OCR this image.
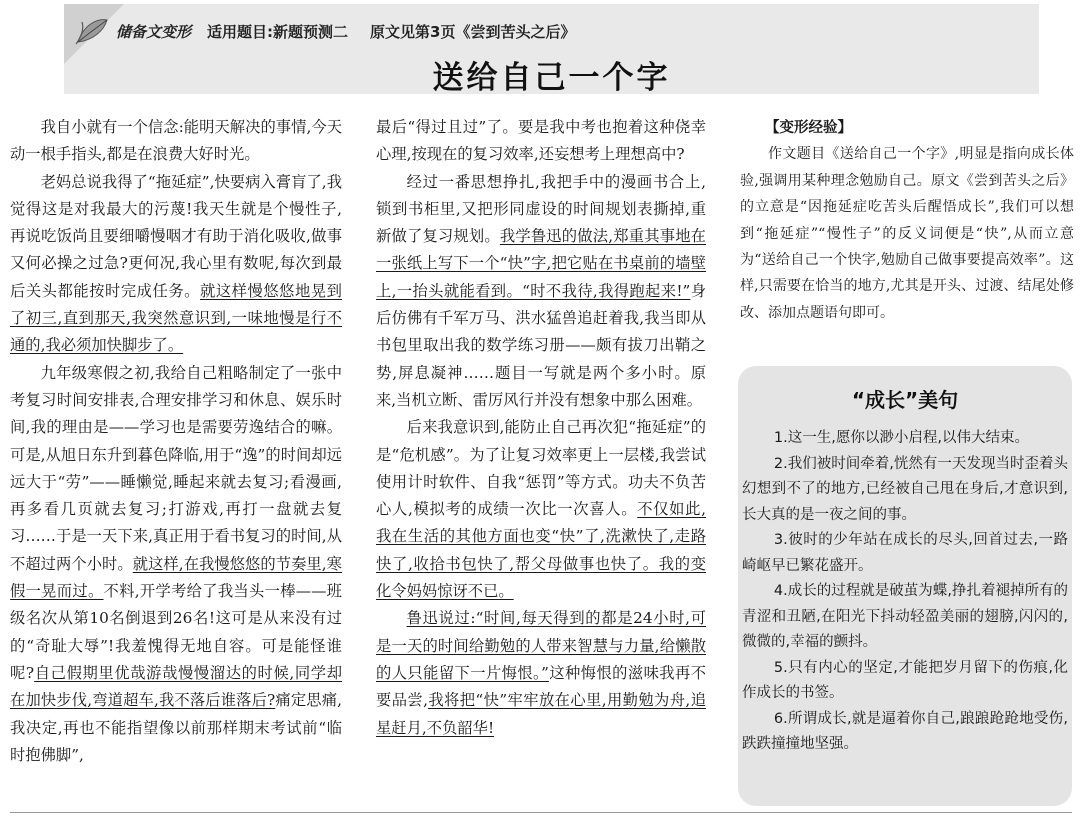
储备文变形 适用题目:新题预测二 原文见第3页《尝到苦头之后》
送给自己一个字

我自小就有一个信念:能明天解决的事情,今天动一根手指头,都是在浪费大好时光。

老妈总说我得了“拖延症”,快要病入膏肓了,我觉得这是对我最大的污蔑!我天生就是个慢性子,再说吃饭尚且要细嚼慢咽才有助于消化吸收,做事又何必操之过急?更何况,我心里有数呢,每次到最后关头都能按时完成任务。就这样慢悠悠地晃到了初三,直到那天,我突然意识到,一味地慢是行不通的,我必须加快脚步了。

九年级寒假之初,我给自己粗略制定了一张中考复习时间安排表,合理安排学习和休息、娱乐时间,我的理由是——学习也是需要劳逸结合的嘛。可是,从旭日东升到暮色降临,用于“逸”的时间却远远大于“劳”——睡懒觉,睡起来就去复习;看漫画,再多看几页就去复习;打游戏,再打一盘就去复习……于是一天下来,真正用于看书复习的时间,从不超过两个小时。就这样,在我慢悠悠的节奏里,寒假一晃而过。不料,开学考给了我当头一棒——班级名次从第10名倒退到26名!这可是从来没有过的“奇耻大辱”!我羞愧得无地自容。可是能怪谁呢?自己假期里优哉游哉慢慢溜达的时候,同学却在加快步伐,弯道超车,我不落后谁落后?痛定思痛,我决定,再也不能指望像以前那样期末考试前“临时抱佛脚”,

最后“得过且过”了。要是我中考也抱着这种侥幸心理,按现在的复习效率,还妄想考上理想高中?

经过一番思想挣扎,我把手中的漫画书合上,锁到书柜里,又把形同虚设的时间规划表撕掉,重新做了复习规划。我学鲁迅的做法,郑重其事地在一张纸上写下一个“快”字,把它贴在书桌前的墙壁上,一抬头就能看到。“时不我待,我得跑起来!”身后仿佛有千军万马、洪水猛兽追赶着我,我当即从书包里取出我的数学练习册——颇有拔刀出鞘之势,屏息凝神……题目一写就是两个多小时。原来,当机立断、雷厉风行并没有想象中那么困难。

后来我意识到,能防止自己再次犯“拖延症”的是“危机感”。为了让复习效率更上一层楼,我尝试使用计时软件、自我“惩罚”等方式。功夫不负苦心人,模拟考的成绩一次比一次喜人。不仅如此,我在生活的其他方面也变“快”了,洗漱快了,走路快了,收拾书包快了,帮父母做事也快了。我的变化令妈妈惊讶不已。

鲁迅说过:“时间,每天得到的都是24小时,可是一天的时间给勤勉的人带来智慧与力量,给懒散的人只能留下一片悔恨。”这种悔恨的滋味我再不要品尝,我将把“快”牢牢放在心里,用勤勉为舟,追星赶月,不负韶华!

【变形经验】

作文题目《送给自己一个字》,明显是指向成长体验,强调用某种理念勉励自己。原文《尝到苦头之后》的立意是“因拖延症吃苦头后醒悟成长”,我们可以想到“拖延症”“慢性子”的反义词便是“快”,从而立意为“送给自己一个快字,勉励自己做事要提高效率”。这样,只需要在恰当的地方,尤其是开头、过渡、结尾处修改、添加点题语句即可。

“成长”美句

1.这一生,愿你以渺小启程,以伟大结束。

2.我们被时间牵着,恍然有一天发现当时歪着头幻想到不了的地方,已经被自己甩在身后,才意识到,长大真的是一夜之间的事。

3.彼时的少年站在成长的尽头,回首过去,一路崎岖早已繁花盛开。

4.成长的过程就是破茧为蝶,挣扎着褪掉所有的青涩和丑陋,在阳光下抖动轻盈美丽的翅膀,闪闪的,微微的,幸福的颤抖。

5.只有内心的坚定,才能把岁月留下的伤痕,化作成长的书签。

6.所谓成长,就是逼着你自己,踉踉跄跄地受伤,跌跌撞撞地坚强。
